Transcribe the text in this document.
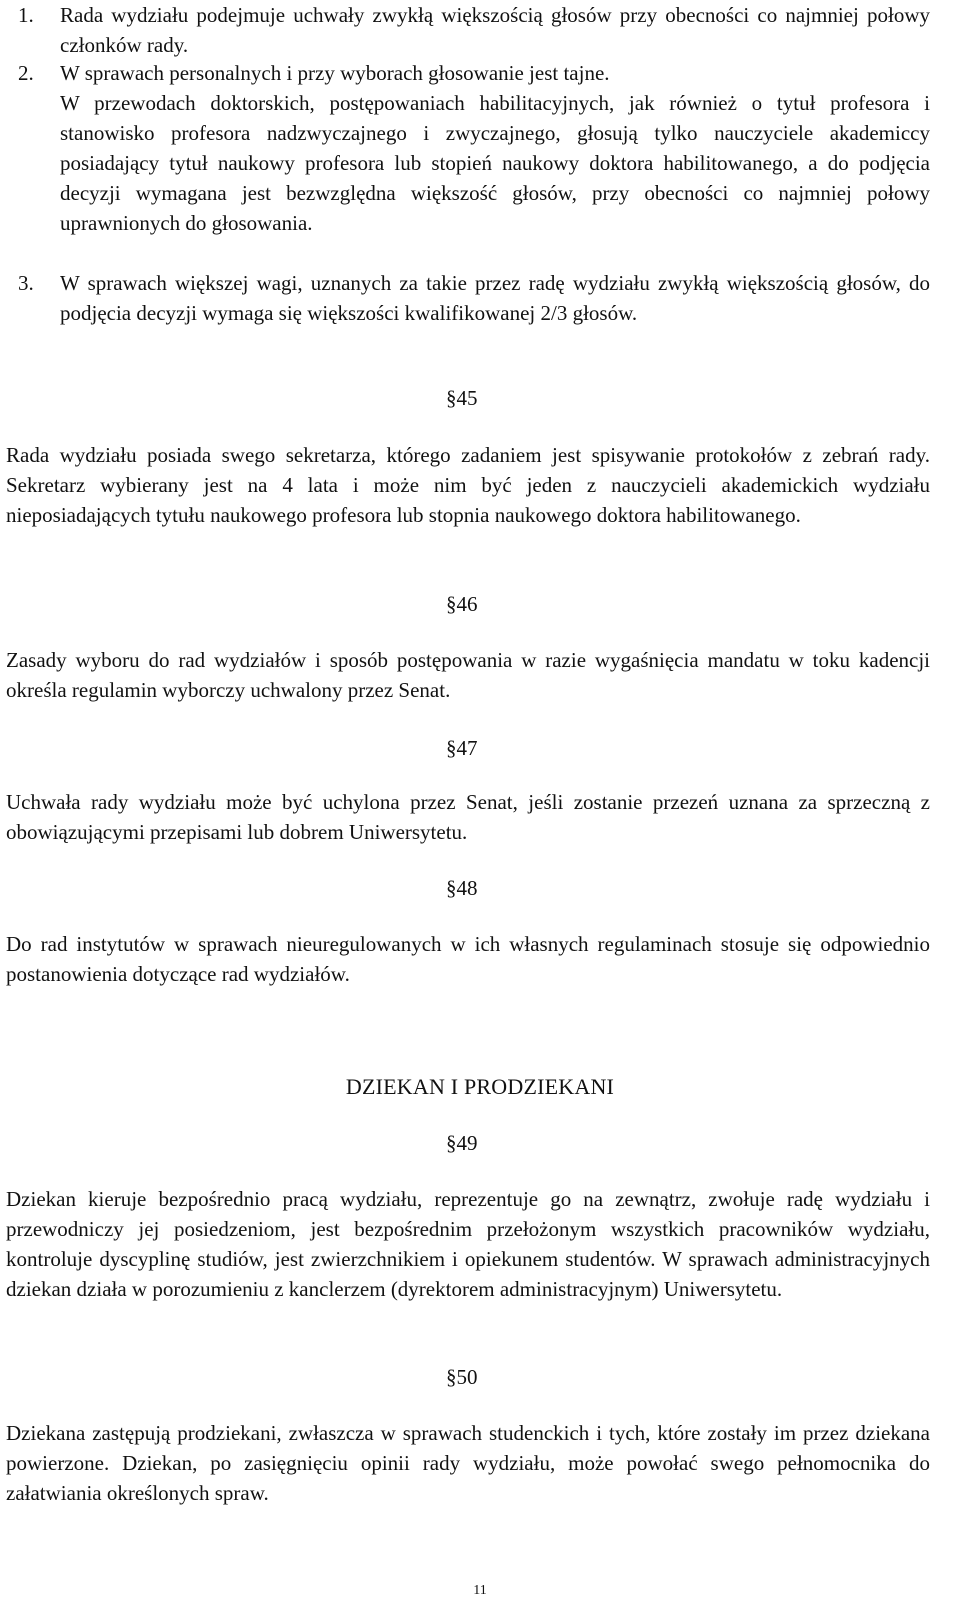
1.	Rada wydziału podejmuje uchwały zwykłą większością głosów przy obecności co najmniej połowy członków rady.

2.	W sprawach personalnych i przy wyborach głosowanie jest tajne.

W przewodach doktorskich, postępowaniach habilitacyjnych, jak również o tytuł profesora i stanowisko profesora nadzwyczajnego i zwyczajnego, głosują tylko nauczyciele akademiccy posiadający tytuł naukowy profesora lub stopień naukowy doktora habilitowanego, a do podjęcia decyzji wymagana jest bezwzględna większość głosów, przy obecności co najmniej połowy uprawnionych do głosowania.

3.	W sprawach większej wagi, uznanych za takie przez radę wydziału zwykłą większością głosów, do podjęcia decyzji wymaga się większości kwalifikowanej 2/3 głosów.

§45

Rada wydziału posiada swego sekretarza, którego zadaniem jest spisywanie protokołów z zebrań rady. Sekretarz wybierany jest na 4 lata i może nim być jeden z nauczycieli akademickich wydziału nieposiadających tytułu naukowego profesora lub stopnia naukowego doktora habilitowanego.

§46

Zasady wyboru do rad wydziałów i sposób postępowania w razie wygaśnięcia mandatu w toku kadencji określa regulamin wyborczy uchwalony przez Senat.

§47

Uchwała rady wydziału może być uchylona przez Senat, jeśli zostanie przezeń uznana za sprzeczną z obowiązującymi przepisami lub dobrem Uniwersytetu.

§48

Do rad instytutów w sprawach nieuregulowanych w ich własnych regulaminach stosuje się odpowiednio postanowienia dotyczące rad wydziałów.

DZIEKAN I PRODZIEKANI
§49

Dziekan kieruje bezpośrednio pracą wydziału, reprezentuje go na zewnątrz, zwołuje radę wydziału i przewodniczy jej posiedzeniom, jest bezpośrednim przełożonym wszystkich pracowników wydziału, kontroluje dyscyplinę studiów, jest zwierzchnikiem i opiekunem studentów. W sprawach administracyjnych dziekan działa w porozumieniu z kanclerzem (dyrektorem administracyjnym) Uniwersytetu.

§50

Dziekana zastępują prodziekani, zwłaszcza w sprawach studenckich i tych, które zostały im przez dziekana powierzone. Dziekan, po zasięgnięciu opinii rady wydziału, może powołać swego pełnomocnika do załatwiania określonych spraw.

11
